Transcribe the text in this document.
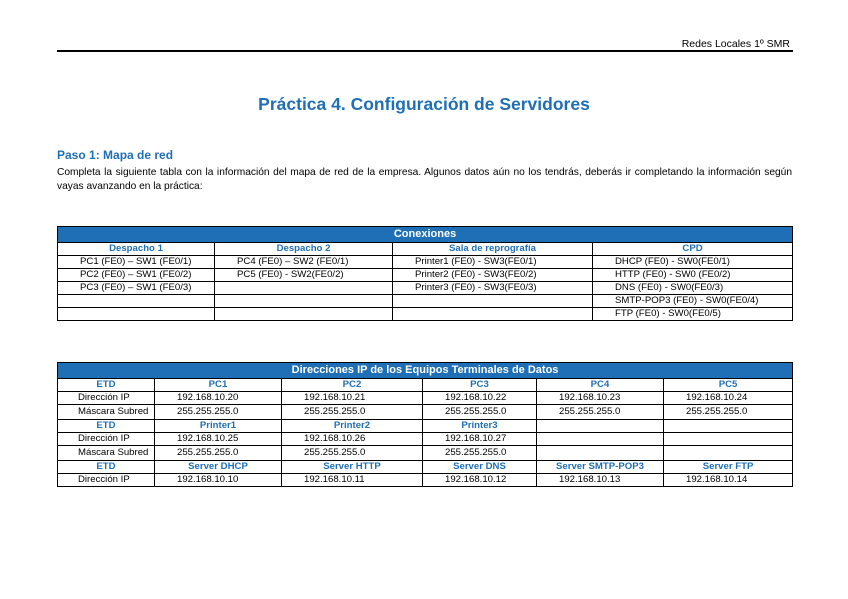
Redes Locales 1º SMR
Práctica 4. Configuración de Servidores
Paso 1: Mapa de red
Completa la siguiente tabla con la información del mapa de red de la empresa. Algunos datos aún no los tendrás, deberás ir completando la información según vayas avanzando en la práctica:
Conexiones			
Despacho 1	Despacho 2	Sala de reprografía	CPD
PC1 (FE0) – SW1 (FE0/1)	PC4 (FE0) – SW2 (FE0/1)	Printer1 (FE0) - SW3(FE0/1)	DHCP (FE0) - SW0(FE0/1)
PC2 (FE0) – SW1 (FE0/2)	PC5 (FE0) - SW2(FE0/2)	Printer2 (FE0) - SW3(FE0/2)	HTTP (FE0) - SW0 (FE0/2)
PC3 (FE0) – SW1 (FE0/3)		Printer3 (FE0) - SW3(FE0/3)	DNS (FE0) - SW0(FE0/3)
			SMTP-POP3 (FE0) - SW0(FE0/4)
			FTP (FE0) - SW0(FE0/5)
Direcciones IP de los Equipos Terminales de Datos					
ETD	PC1	PC2	PC3	PC4	PC5
Dirección IP	192.168.10.20	192.168.10.21	192.168.10.22	192.168.10.23	192.168.10.24
Máscara Subred	255.255.255.0	255.255.255.0	255.255.255.0	255.255.255.0	255.255.255.0
ETD	Printer1	Printer2	Printer3		
Dirección IP	192.168.10.25	192.168.10.26	192.168.10.27		
Máscara Subred	255.255.255.0	255.255.255.0	255.255.255.0		
ETD	Server DHCP	Server HTTP	Server DNS	Server SMTP-POP3	Server FTP
Dirección IP	192.168.10.10	192.168.10.11	192.168.10.12	192.168.10.13	192.168.10.14
